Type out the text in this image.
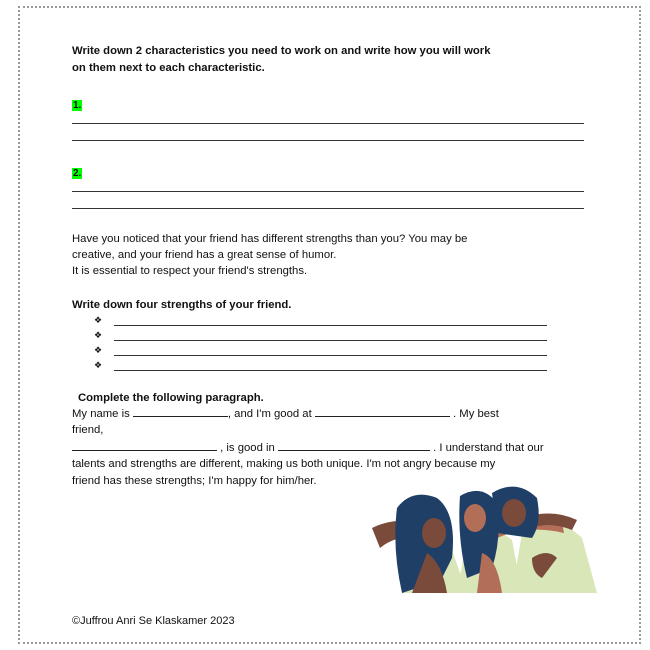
Write down 2 characteristics you need to work on and write how you will work
on them next to each characteristic.
1.
2.
Have you noticed that your friend has different strengths than you? You may be
creative, and your friend has a great sense of humor.
It is essential to respect your friend's strengths.
Write down four strengths of your friend.
❖
❖
❖
❖
Complete the following paragraph.
My name is	, and I'm good at	. My best
friend,
, is good in	. I understand that our
talents and strengths are different, making us both unique. I'm not angry because my
friend has these strengths; I'm happy for him/her.
©Juffrou Anri Se Klaskamer 2023
